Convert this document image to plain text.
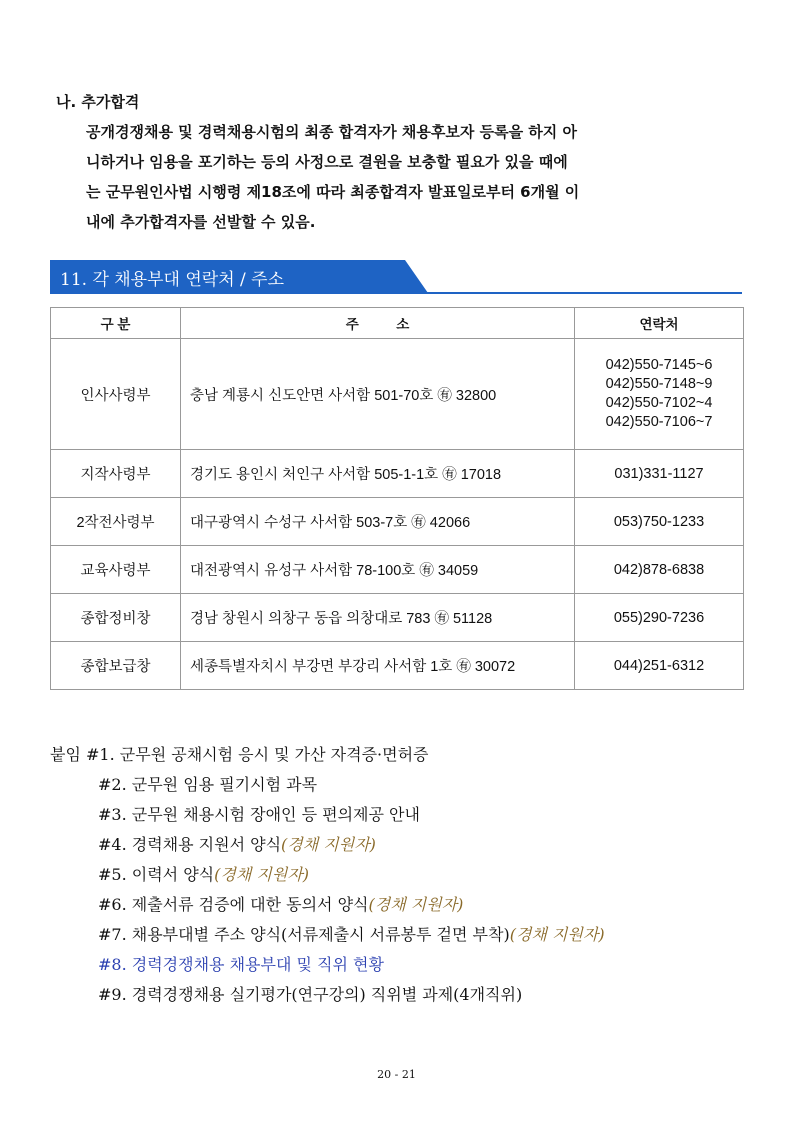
나. 추가합격
공개경쟁채용 및 경력채용시험의 최종 합격자가 채용후보자 등록을 하지 아
니하거나 임용을 포기하는 등의 사정으로 결원을 보충할 필요가 있을 때에
는 군무원인사법 시행령 제18조에 따라 최종합격자 발표일로부터 6개월 이
내에 추가합격자를 선발할 수 있음.
11. 각 채용부대 연락처 / 주소
구 분	주          소	연락처
인사사령부	충남 계룡시 신도안면 사서함 501-70호 ㊒ 32800	042)550-7145~6
042)550-7148~9
042)550-7102~4
042)550-7106~7

지작사령부	경기도 용인시 처인구 사서함 505-1-1호 ㊒ 17018	031)331-1127
2작전사령부	대구광역시 수성구 사서함 503-7호 ㊒ 42066	053)750-1233
교육사령부	대전광역시 유성구 사서함 78-100호 ㊒ 34059	042)878-6838
종합정비창	경남 창원시 의창구 동읍 의창대로 783 ㊒ 51128	055)290-7236
종합보급창	세종특별자치시 부강면 부강리 사서함 1호 ㊒ 30072	044)251-6312
붙임 #1. 군무원 공채시험 응시 및 가산 자격증·면허증
#2. 군무원 임용 필기시험 과목
#3. 군무원 채용시험 장애인 등 편의제공 안내
#4. 경력채용 지원서 양식(경채 지원자)
#5. 이력서 양식(경채 지원자)
#6. 제출서류 검증에 대한 동의서 양식(경채 지원자)
#7. 채용부대별 주소 양식(서류제출시 서류봉투 겉면 부착)(경채 지원자)
#8. 경력경쟁채용 채용부대 및 직위 현황
#9. 경력경쟁채용 실기평가(연구강의) 직위별 과제(4개직위)
20 - 21
